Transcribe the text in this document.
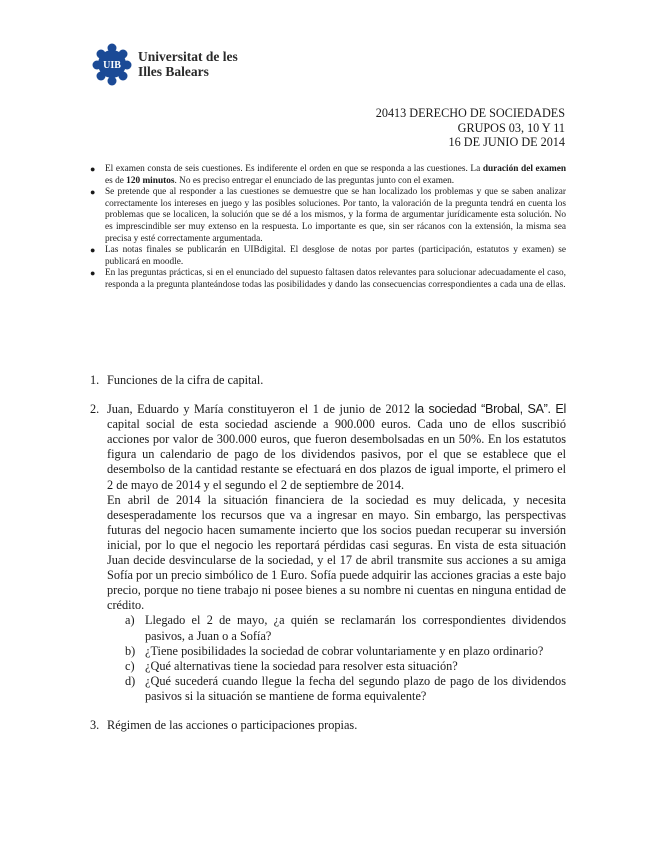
UIB
Universitat de les
Illes Balears
20413 DERECHO DE SOCIEDADES
GRUPOS 03, 10 Y 11
16 DE JUNIO DE 2014
● El examen consta de seis cuestiones. Es indiferente el orden en que se responda a las cuestiones. La duración del examen es de 120 minutos. No es preciso entregar el enunciado de las preguntas junto con el examen.
● Se pretende que al responder a las cuestiones se demuestre que se han localizado los problemas y que se saben analizar correctamente los intereses en juego y las posibles soluciones. Por tanto, la valoración de la pregunta tendrá en cuenta los problemas que se localicen, la solución que se dé a los mismos, y la forma de argumentar jurídicamente esta solución. No es imprescindible ser muy extenso en la respuesta. Lo importante es que, sin ser rácanos con la extensión, la misma sea precisa y esté correctamente argumentada.
● Las notas finales se publicarán en UIBdigital. El desglose de notas por partes (participación, estatutos y examen) se publicará en moodle.
● En las preguntas prácticas, si en el enunciado del supuesto faltasen datos relevantes para solucionar adecuadamente el caso, responda a la pregunta planteándose todas las posibilidades y dando las consecuencias correspondientes a cada una de ellas.
1. Funciones de la cifra de capital.
2. Juan, Eduardo y María constituyeron el 1 de junio de 2012 la sociedad “Brobal, SA”. El capital social de esta sociedad asciende a 900.000 euros. Cada uno de ellos suscribió acciones por valor de 300.000 euros, que fueron desembolsadas en un 50%. En los estatutos figura un calendario de pago de los dividendos pasivos, por el que se establece que el desembolso de la cantidad restante se efectuará en dos plazos de igual importe, el primero el 2 de mayo de 2014 y el segundo el 2 de septiembre de 2014.
En abril de 2014 la situación financiera de la sociedad es muy delicada, y necesita desesperadamente los recursos que va a ingresar en mayo. Sin embargo, las perspectivas futuras del negocio hacen sumamente incierto que los socios puedan recuperar su inversión inicial, por lo que el negocio les reportará pérdidas casi seguras. En vista de esta situación Juan decide desvincularse de la sociedad, y el 17 de abril transmite sus acciones a su amiga Sofía por un precio simbólico de 1 Euro. Sofía puede adquirir las acciones gracias a este bajo precio, porque no tiene trabajo ni posee bienes a su nombre ni cuentas en ninguna entidad de crédito.
a) Llegado el 2 de mayo, ¿a quién se reclamarán los correspondientes dividendos pasivos, a Juan o a Sofía?
b) ¿Tiene posibilidades la sociedad de cobrar voluntariamente y en plazo ordinario?
c) ¿Qué alternativas tiene la sociedad para resolver esta situación?
d) ¿Qué sucederá cuando llegue la fecha del segundo plazo de pago de los dividendos pasivos si la situación se mantiene de forma equivalente?
3. Régimen de las acciones o participaciones propias.
